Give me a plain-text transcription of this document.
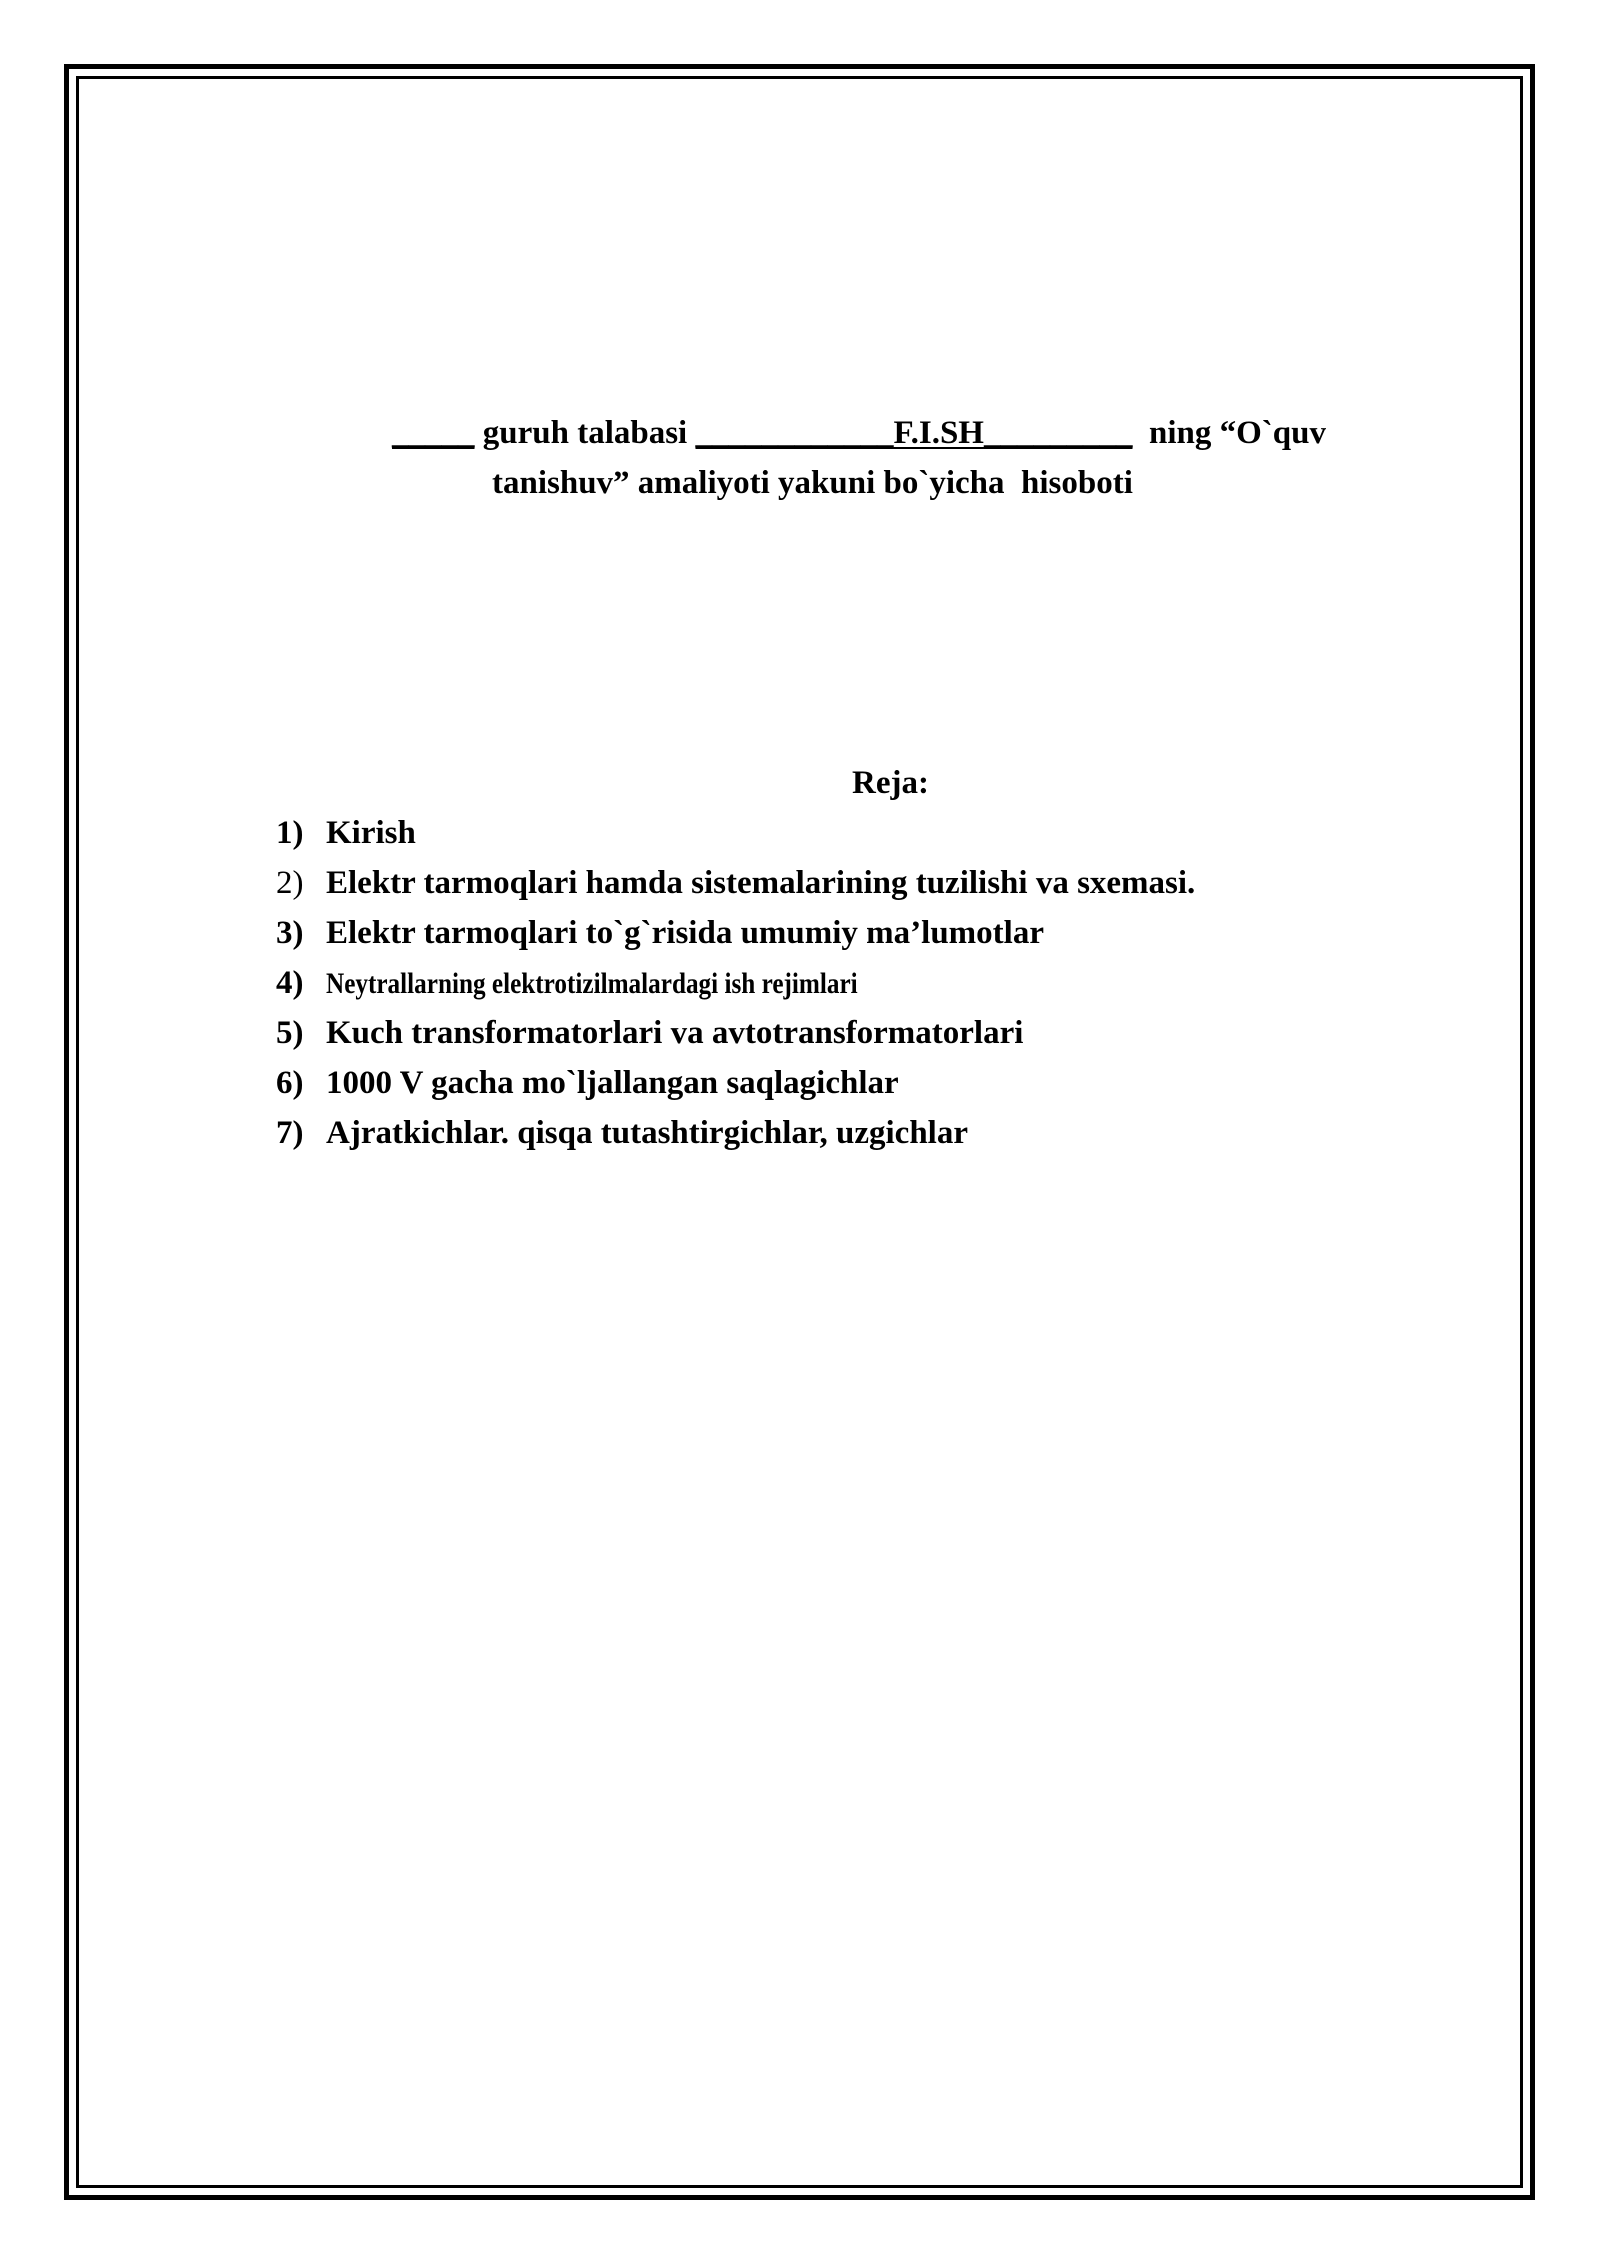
_____ guruh talabasi ____________F.I.SH_________  ning “O`quv
tanishuv” amaliyoti yakuni bo`yicha  hisoboti
Reja:
1) Kirish
2) Elektr tarmoqlari hamda sistemalarining tuzilishi va sxemasi.
3) Elektr tarmoqlari to`g`risida umumiy ma’lumotlar
4) Neytrallarning elektrotizilmalardagi ish rejimlari
5) Kuch transformatorlari va avtotransformatorlari
6) 1000 V gacha mo`ljallangan saqlagichlar
7) Ajratkichlar. qisqa tutashtirgichlar, uzgichlar
